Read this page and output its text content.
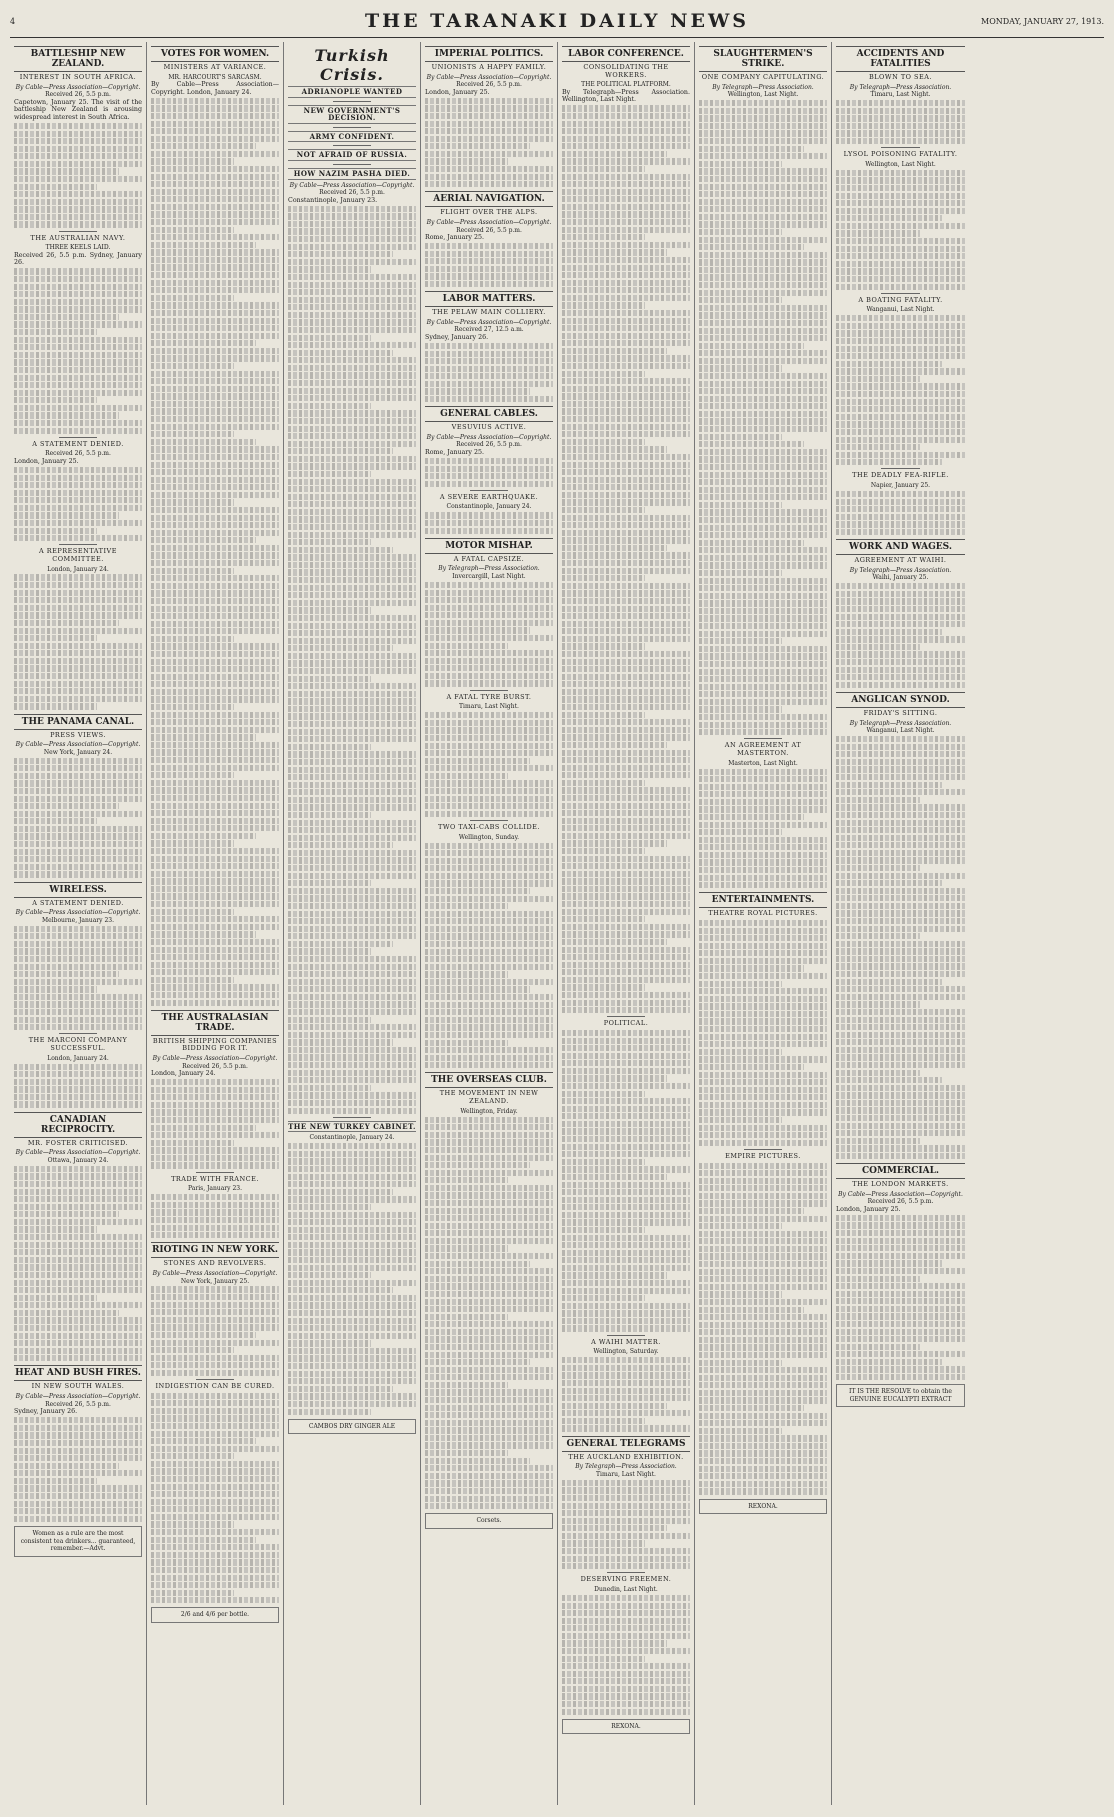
4	THE TARANAKI DAILY NEWS	MONDAY, JANUARY 27, 1913.
BATTLESHIP NEW ZEALAND.
INTEREST IN SOUTH AFRICA.
By Cable—Press Association—Copyright.
Received 26, 5.5 p.m.
Capetown, January 25. The visit of the battleship New Zealand is arousing widespread interest in South Africa.
THE AUSTRALIAN NAVY.
THREE KEELS LAID.
Received 26, 5.5 p.m. Sydney, January 26.
A STATEMENT DENIED.
Received 26, 5.5 p.m.
London, January 25.
A REPRESENTATIVE COMMITTEE.
London, January 24.
THE PANAMA CANAL.
PRESS VIEWS.
By Cable—Press Association—Copyright.
New York, January 24.
WIRELESS.
A STATEMENT DENIED.
By Cable—Press Association—Copyright.
Melbourne, January 23.
THE MARCONI COMPANY SUCCESSFUL.
London, January 24.
CANADIAN RECIPROCITY.
MR. FOSTER CRITICISED.
By Cable—Press Association—Copyright.
Ottawa, January 24.
HEAT AND BUSH FIRES.
IN NEW SOUTH WALES.
By Cable—Press Association—Copyright.
Received 26, 5.5 p.m.
Sydney, January 26.
Women as a rule are the most consistent tea drinkers... guaranteed, remember.—Advt.
VOTES FOR WOMEN.
MINISTERS AT VARIANCE.
MR. HARCOURT'S SARCASM.
By Cable—Press Association—Copyright. London, January 24.
THE AUSTRALASIAN TRADE.
BRITISH SHIPPING COMPANIES BIDDING FOR IT.
By Cable—Press Association—Copyright.
Received 26, 5.5 p.m.
London, January 24.
TRADE WITH FRANCE.
Paris, January 23.
RIOTING IN NEW YORK.
STONES AND REVOLVERS.
By Cable—Press Association—Copyright.
New York, January 25.
INDIGESTION CAN BE CURED.
2/6 and 4/6 per bottle.
Turkish Crisis.
ADRIANOPLE WANTED
NEW GOVERNMENT'S DECISION.
ARMY CONFIDENT.
NOT AFRAID OF RUSSIA.
HOW NAZIM PASHA DIED.
By Cable—Press Association—Copyright.
Received 26, 5.5 p.m.
Constantinople, January 23.
THE NEW TURKEY CABINET.
Constantinople, January 24.
CAMBOS DRY GINGER ALE
IMPERIAL POLITICS.
UNIONISTS A HAPPY FAMILY.
By Cable—Press Association—Copyright.
Received 26, 5.5 p.m.
London, January 25.
AERIAL NAVIGATION.
FLIGHT OVER THE ALPS.
By Cable—Press Association—Copyright.
Received 26, 5.5 p.m.
Rome, January 25.
LABOR MATTERS.
THE PELAW MAIN COLLIERY.
By Cable—Press Association—Copyright.
Received 27, 12.5 a.m.
Sydney, January 26.
GENERAL CABLES.
VESUVIUS ACTIVE.
By Cable—Press Association—Copyright.
Received 26, 5.5 p.m.
Rome, January 25.
A SEVERE EARTHQUAKE.
Constantinople, January 24.
MOTOR MISHAP.
A FATAL CAPSIZE.
By Telegraph—Press Association.
Invercargill, Last Night.
A FATAL TYRE BURST.
Timaru, Last Night.
TWO TAXI-CABS COLLIDE.
Wellington, Sunday.
THE OVERSEAS CLUB.
THE MOVEMENT IN NEW ZEALAND.
Wellington, Friday.
Corsets.
LABOR CONFERENCE.
CONSOLIDATING THE WORKERS.
THE POLITICAL PLATFORM.
By Telegraph—Press Association. Wellington, Last Night.
POLITICAL.
A WAIHI MATTER.
Wellington, Saturday.
GENERAL TELEGRAMS
THE AUCKLAND EXHIBITION.
By Telegraph—Press Association.
Timaru, Last Night.
DESERVING FREEMEN.
Dunedin, Last Night.
REXONA.
SLAUGHTERMEN'S STRIKE.
ONE COMPANY CAPITULATING.
By Telegraph—Press Association.
Wellington, Last Night.
AN AGREEMENT AT MASTERTON.
Masterton, Last Night.
ENTERTAINMENTS.
THEATRE ROYAL PICTURES.
EMPIRE PICTURES.
REXONA.
ACCIDENTS AND FATALITIES
BLOWN TO SEA.
By Telegraph—Press Association.
Timaru, Last Night.
LYSOL POISONING FATALITY.
Wellington, Last Night.
A BOATING FATALITY.
Wanganui, Last Night.
THE DEADLY FEA-RIFLE.
Napier, January 25.
WORK AND WAGES.
AGREEMENT AT WAIHI.
By Telegraph—Press Association.
Waihi, January 25.
ANGLICAN SYNOD.
FRIDAY'S SITTING.
By Telegraph—Press Association.
Wanganui, Last Night.
COMMERCIAL.
THE LONDON MARKETS.
By Cable—Press Association—Copyright.
Received 26, 5.5 p.m.
London, January 25.
IT IS THE RESOLVE to obtain the GENUINE EUCALYPTI EXTRACT
